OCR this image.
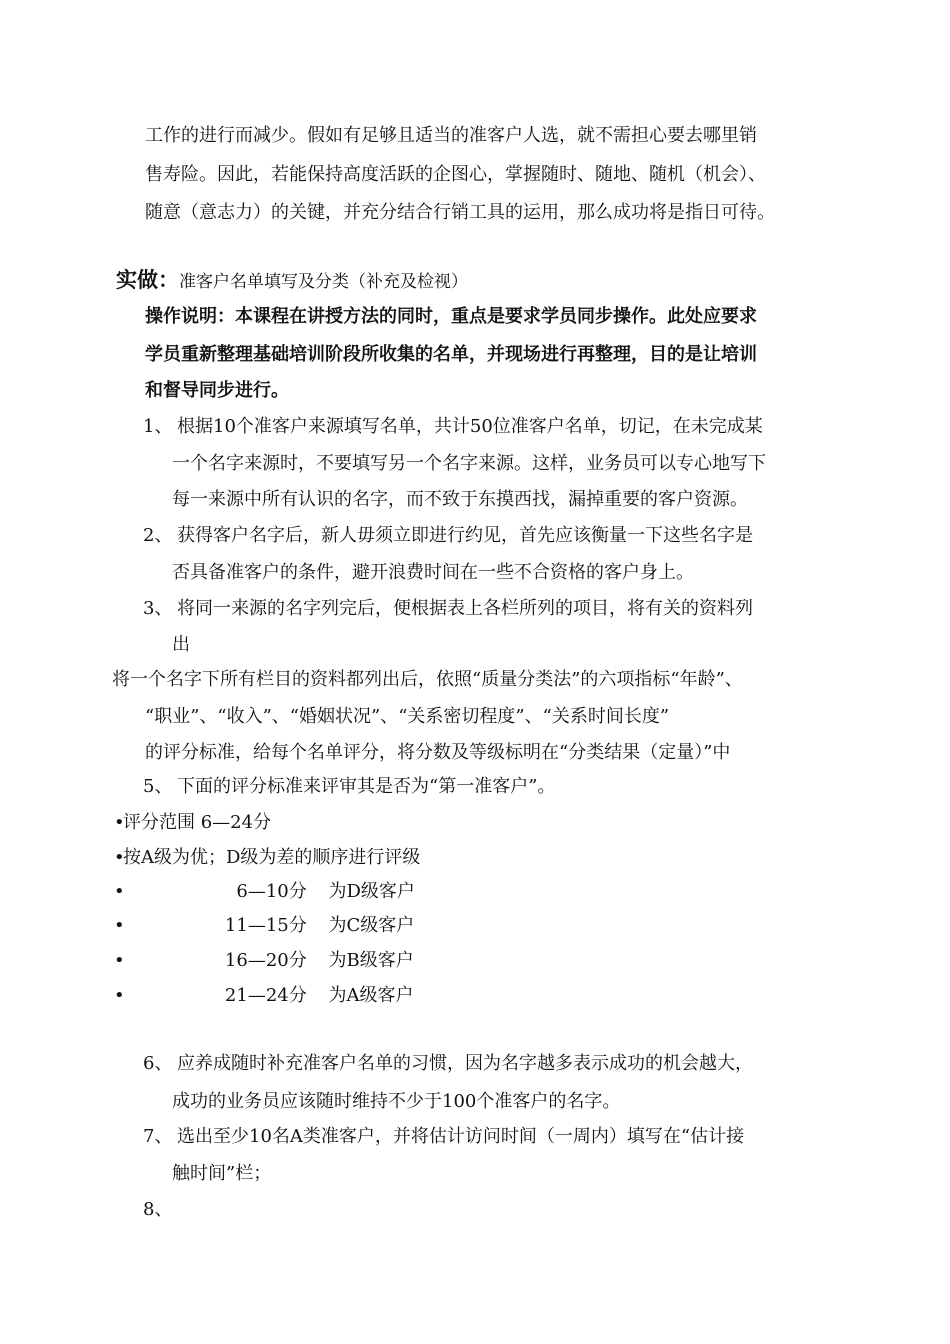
工作的进行而减少。假如有足够且适当的准客户人选，就不需担心要去哪里销

售寿险。因此，若能保持高度活跃的企图心，掌握随时、随地、随机（机会）、

随意（意志力）的关键，并充分结合行销工具的运用，那么成功将是指日可待。

实做：准客户名单填写及分类（补充及检视）

操作说明：本课程在讲授方法的同时，重点是要求学员同步操作。此处应要求

学员重新整理基础培训阶段所收集的名单，并现场进行再整理，目的是让培训

和督导同步进行。

1、 根据10个准客户来源填写名单，共计50位准客户名单，切记，在未完成某

一个名字来源时，不要填写另一个名字来源。这样，业务员可以专心地写下

每一来源中所有认识的名字，而不致于东摸西找，漏掉重要的客户资源。

2、 获得客户名字后，新人毋须立即进行约见，首先应该衡量一下这些名字是

否具备准客户的条件，避开浪费时间在一些不合资格的客户身上。

3、 将同一来源的名字列完后，便根据表上各栏所列的项目，将有关的资料列

出

将一个名字下所有栏目的资料都列出后，依照“质量分类法”的六项指标“年龄”、

“职业”、“收入”、“婚姻状况”、“关系密切程度”、“关系时间长度”

的评分标准，给每个名单评分，将分数及等级标明在“分类结果（定量）”中

5、 下面的评分标准来评审其是否为“第一准客户”。

•评分范围 6—24分

•按A级为优；D级为差的顺序进行评级

•	6—10分 为D级客户

•	11—15分 为C级客户

•	16—20分 为B级客户

•	21—24分 为A级客户

6、 应养成随时补充准客户名单的习惯，因为名字越多表示成功的机会越大，

成功的业务员应该随时维持不少于100个准客户的名字。

7、 选出至少10名A类准客户，并将估计访问时间（一周内）填写在“估计接

触时间”栏；

8、
